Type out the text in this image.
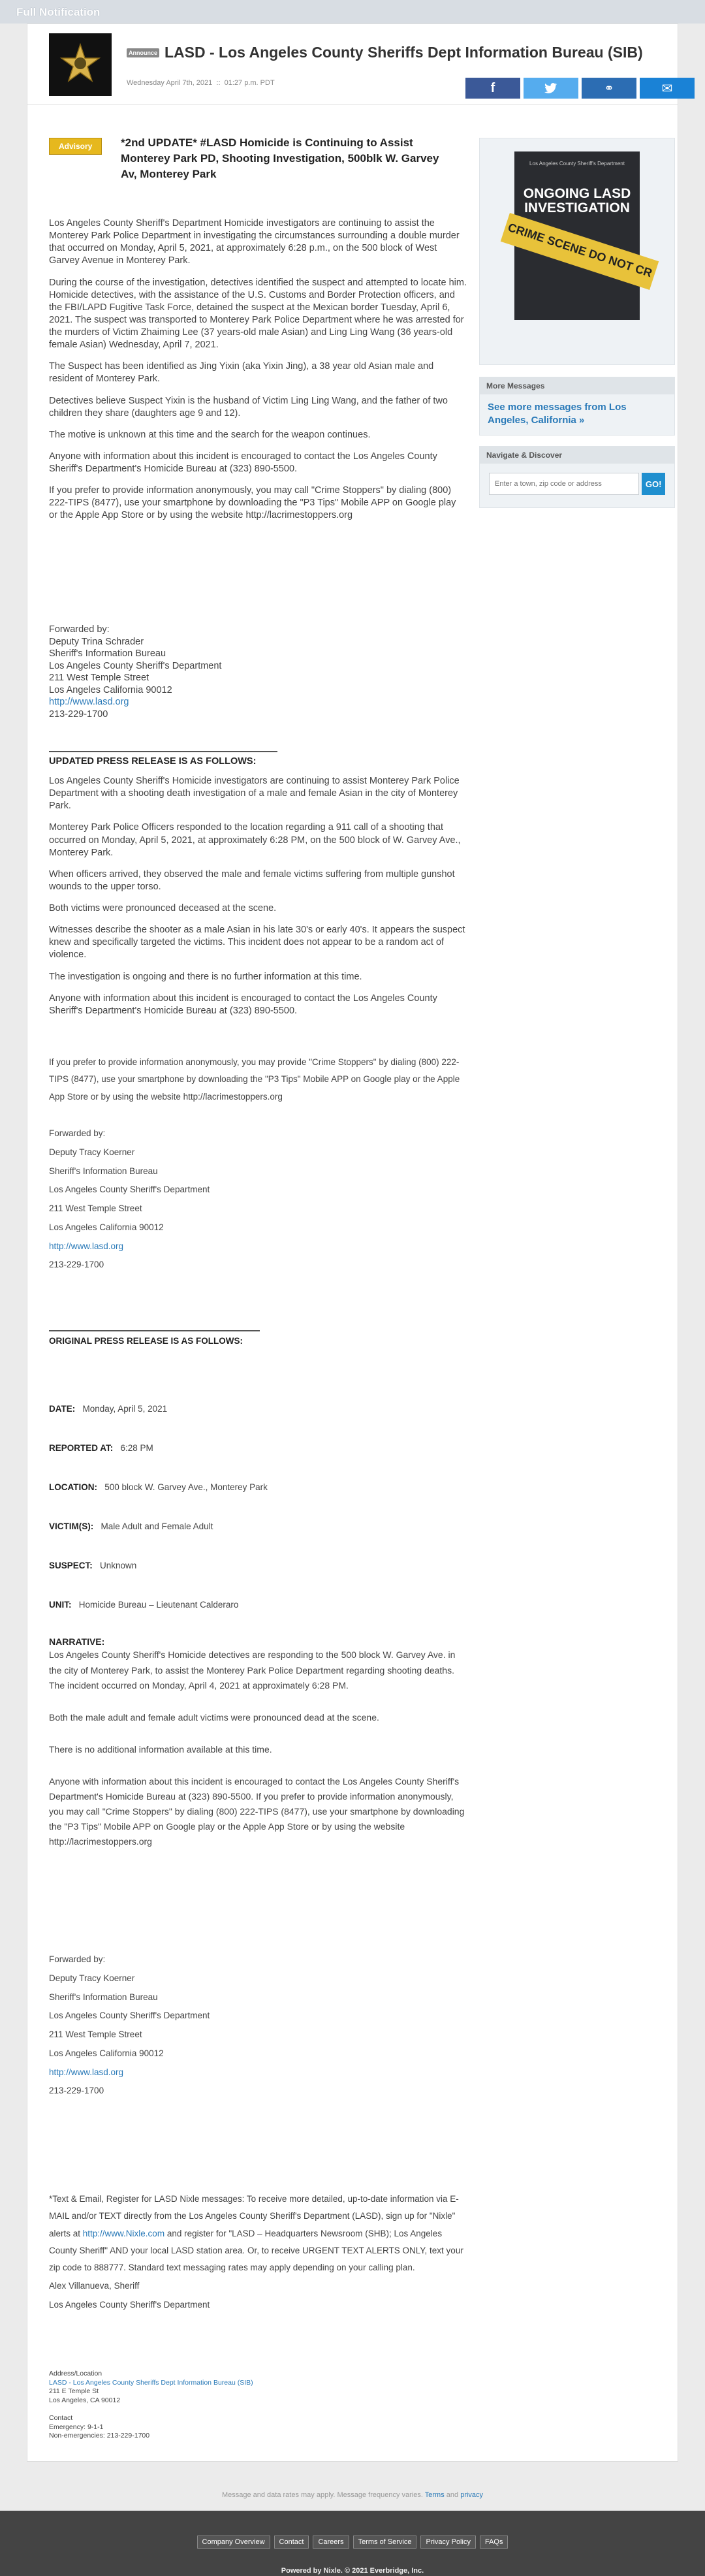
Full Notification
Announce LASD - Los Angeles County Sheriffs Dept Information Bureau (SIB)
Wednesday April 7th, 2021  ::  01:27 p.m. PDT	f	⚭	✉
Advisory	*2nd UPDATE* #LASD Homicide is Continuing to Assist Monterey Park PD, Shooting Investigation, 500blk W. Garvey Av, Monterey Park

Los Angeles County Sheriff's Department Homicide investigators are continuing to assist the Monterey Park Police Department in investigating the circumstances surrounding a double murder that occurred on Monday, April 5, 2021, at approximately 6:28 p.m., on the 500 block of West Garvey Avenue in Monterey Park.

During the course of the investigation, detectives identified the suspect and attempted to locate him. Homicide detectives, with the assistance of the U.S. Customs and Border Protection officers, and the FBI/LAPD Fugitive Task Force, detained the suspect at the Mexican border Tuesday, April 6, 2021. The suspect was transported to Monterey Park Police Department where he was arrested for the murders of Victim Zhaiming Lee (37 years-old male Asian) and Ling Ling Wang (36 years-old female Asian) Wednesday, April 7, 2021.

The Suspect has been identified as Jing Yixin (aka Yixin Jing), a 38 year old Asian male and resident of Monterey Park.

Detectives believe Suspect Yixin is the husband of Victim Ling Ling Wang, and the father of two children they share (daughters age 9 and 12).

The motive is unknown at this time and the search for the weapon continues.

Anyone with information about this incident is encouraged to contact the Los Angeles County Sheriff's Department's Homicide Bureau at (323) 890-5500.

If you prefer to provide information anonymously, you may call "Crime Stoppers" by dialing (800) 222-TIPS (8477), use your smartphone by downloading the "P3 Tips" Mobile APP on Google play or the Apple App Store or by using the website http://lacrimestoppers.org

Forwarded by:
Deputy Trina Schrader
Sheriff's Information Bureau
Los Angeles County Sheriff's Department
211 West Temple Street
Los Angeles California 90012
http://www.lasd.org
213-229-1700
UPDATED PRESS RELEASE IS AS FOLLOWS:

Los Angeles County Sheriff's Homicide investigators are continuing to assist Monterey Park Police Department with a shooting death investigation of a male and female Asian in the city of Monterey Park.

Monterey Park Police Officers responded to the location regarding a 911 call of a shooting that occurred on Monday, April 5, 2021, at approximately 6:28 PM, on the 500 block of W. Garvey Ave., Monterey Park.

When officers arrived, they observed the male and female victims suffering from multiple gunshot wounds to the upper torso.

Both victims were pronounced deceased at the scene.

Witnesses describe the shooter as a male Asian in his late 30's or early 40's. It appears the suspect knew and specifically targeted the victims. This incident does not appear to be a random act of violence.

The investigation is ongoing and there is no further information at this time.

Anyone with information about this incident is encouraged to contact the Los Angeles County Sheriff's Department's Homicide Bureau at (323) 890-5500.

If you prefer to provide information anonymously, you may provide "Crime Stoppers" by dialing (800) 222-TIPS (8477), use your smartphone by downloading the "P3 Tips" Mobile APP on Google play or the Apple App Store or by using the website http://lacrimestoppers.org
Forwarded by:
Deputy Tracy Koerner
Sheriff's Information Bureau
Los Angeles County Sheriff's Department
211 West Temple Street
Los Angeles California 90012
http://www.lasd.org
213-229-1700
ORIGINAL PRESS RELEASE IS AS FOLLOWS:
DATE: Monday, April 5, 2021
REPORTED AT: 6:28 PM
LOCATION: 500 block W. Garvey Ave., Monterey Park
VICTIM(S): Male Adult and Female Adult
SUSPECT: Unknown
UNIT: Homicide Bureau – Lieutenant Calderaro
NARRATIVE:

Los Angeles County Sheriff's Homicide detectives are responding to the 500 block W. Garvey Ave. in the city of Monterey Park, to assist the Monterey Park Police Department regarding shooting deaths. The incident occurred on Monday, April 4, 2021 at approximately 6:28 PM.

Both the male adult and female adult victims were pronounced dead at the scene.

There is no additional information available at this time.

Anyone with information about this incident is encouraged to contact the Los Angeles County Sheriff's Department's Homicide Bureau at (323) 890-5500. If you prefer to provide information anonymously, you may call "Crime Stoppers" by dialing (800) 222-TIPS (8477), use your smartphone by downloading the "P3 Tips" Mobile APP on Google play or the Apple App Store or by using the website http://lacrimestoppers.org

Forwarded by:
Deputy Tracy Koerner
Sheriff's Information Bureau
Los Angeles County Sheriff's Department
211 West Temple Street
Los Angeles California 90012
http://www.lasd.org
213-229-1700
*Text & Email, Register for LASD Nixle messages: To receive more detailed, up-to-date information via E-MAIL and/or TEXT directly from the Los Angeles County Sheriff's Department (LASD), sign up for "Nixle" alerts at http://www.Nixle.com and register for "LASD – Headquarters Newsroom (SHB); Los Angeles County Sheriff" AND your local LASD station area. Or, to receive URGENT TEXT ALERTS ONLY, text your zip code to 888777. Standard text messaging rates may apply depending on your calling plan.
Alex Villanueva, Sheriff
Los Angeles County Sheriff's Department
Address/Location
LASD - Los Angeles County Sheriffs Dept Information Bureau (SIB)
211 E Temple St
Los Angeles, CA 90012
Contact
Emergency: 9-1-1
Non-emergencies: 213-229-1700
Los Angeles County Sheriff's Department
ONGOING LASD
INVESTIGATION
CRIME SCENE DO NOT CR
More Messages
See more messages from Los Angeles, California »
Navigate & Discover
Enter a town, zip code or address
GO!
Message and data rates may apply. Message frequency varies. Terms and privacy
Company Overview	Contact	Careers	Terms of Service	Privacy Policy	FAQs
Powered by Nixle. © 2021 Everbridge, Inc.
